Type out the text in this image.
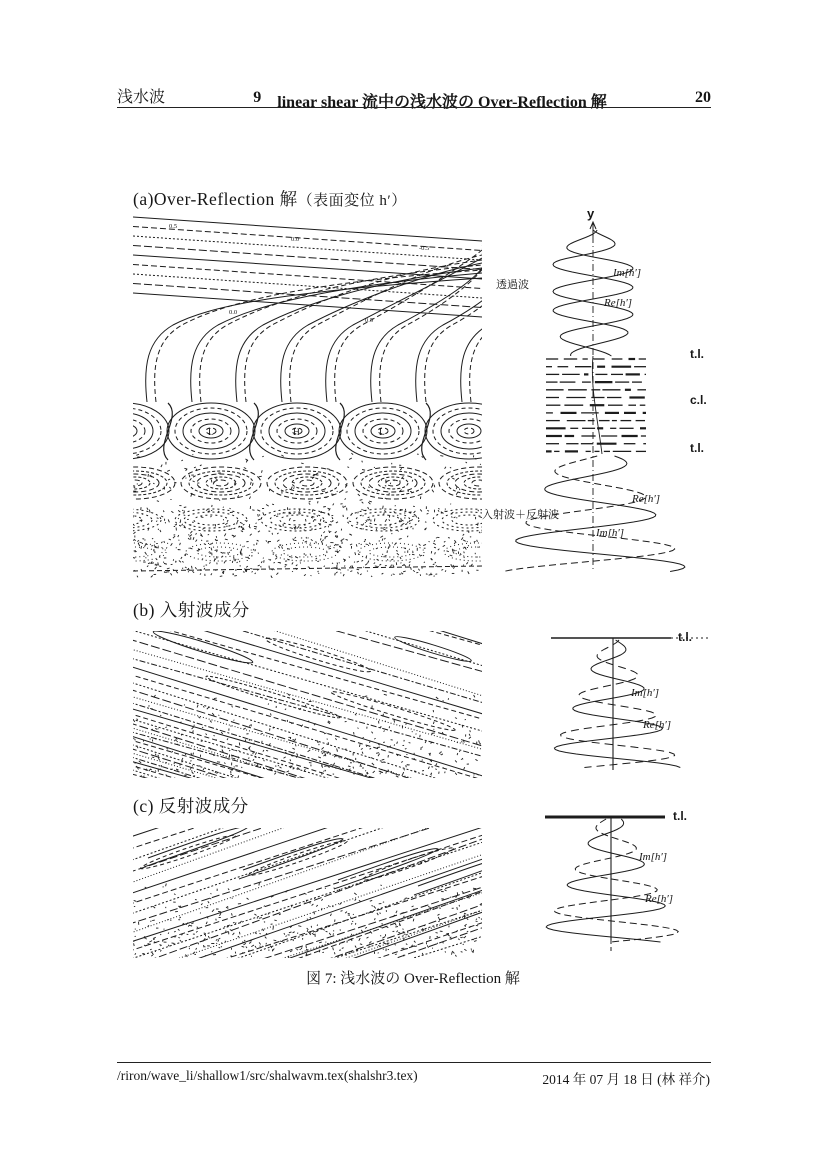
浅水波	9 linear shear 流中の浅水波の Over-Reflection 解	20
(a)Over-Reflection 解（表面変位 h′）
0.5
0.0
-0.5
0.0
0.5
L	H	L
y
透過波
Im[h′]
Re[h′]
t.l.
c.l.
t.l.
Re[h′]
Im[h′]
入射波＋反射波
(b) 入射波成分
t.l.
Im[h′]
Re[h′]
(c) 反射波成分	t.l.
Im[h′]
Re[h′]
図 7: 浅水波の Over-Reflection 解
/riron/wave_li/shallow1/src/shalwavm.tex(shalshr3.tex)	2014 年 07 月 18 日 (林 祥介)
